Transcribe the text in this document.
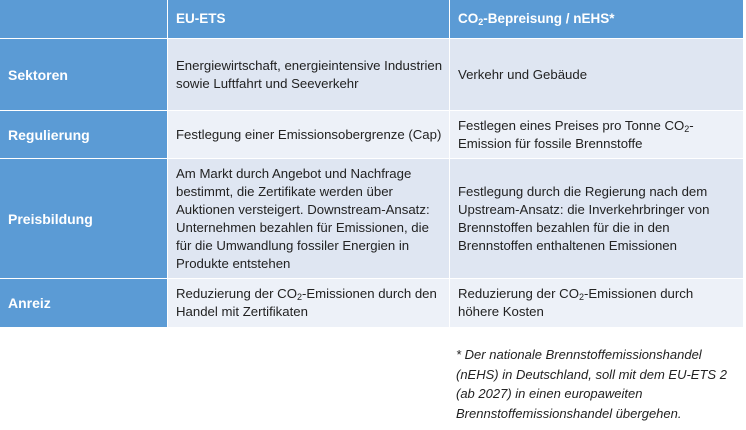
EU-ETS	$CO_2$-Bepreisung / nEHS*
Sektoren
Energiewirtschaft, energieintensive Industrien sowie Luftfahrt und Seeverkehr
Verkehr und Gebäude
Regulierung	Festlegung einer Emissionsobergrenze (Cap)
Festlegen eines Preises pro Tonne $CO_2$-Emission für fossile Brennstoffe
Preisbildung
Am Markt durch Angebot und Nachfrage bestimmt, die Zertifikate werden über Auktionen versteigert. Downstream-Ansatz: Unternehmen bezahlen für Emissionen, die für die Umwandlung fossiler Energien in Produkte entstehen
Festlegung durch die Regierung nach dem Upstream-Ansatz: die Inverkehrbringer von Brennstoffen bezahlen für die in den Brennstoffen enthaltenen Emissionen
Anreiz
Reduzierung der $CO_2$-Emissionen durch den Handel mit Zertifikaten
Reduzierung der $CO_2$-Emissionen durch höhere Kosten
* Der nationale Brennstoffemissionshandel (nEHS) in Deutschland, soll mit dem EU-ETS 2 (ab 2027) in einen europaweiten Brennstoffemissionshandel übergehen.
